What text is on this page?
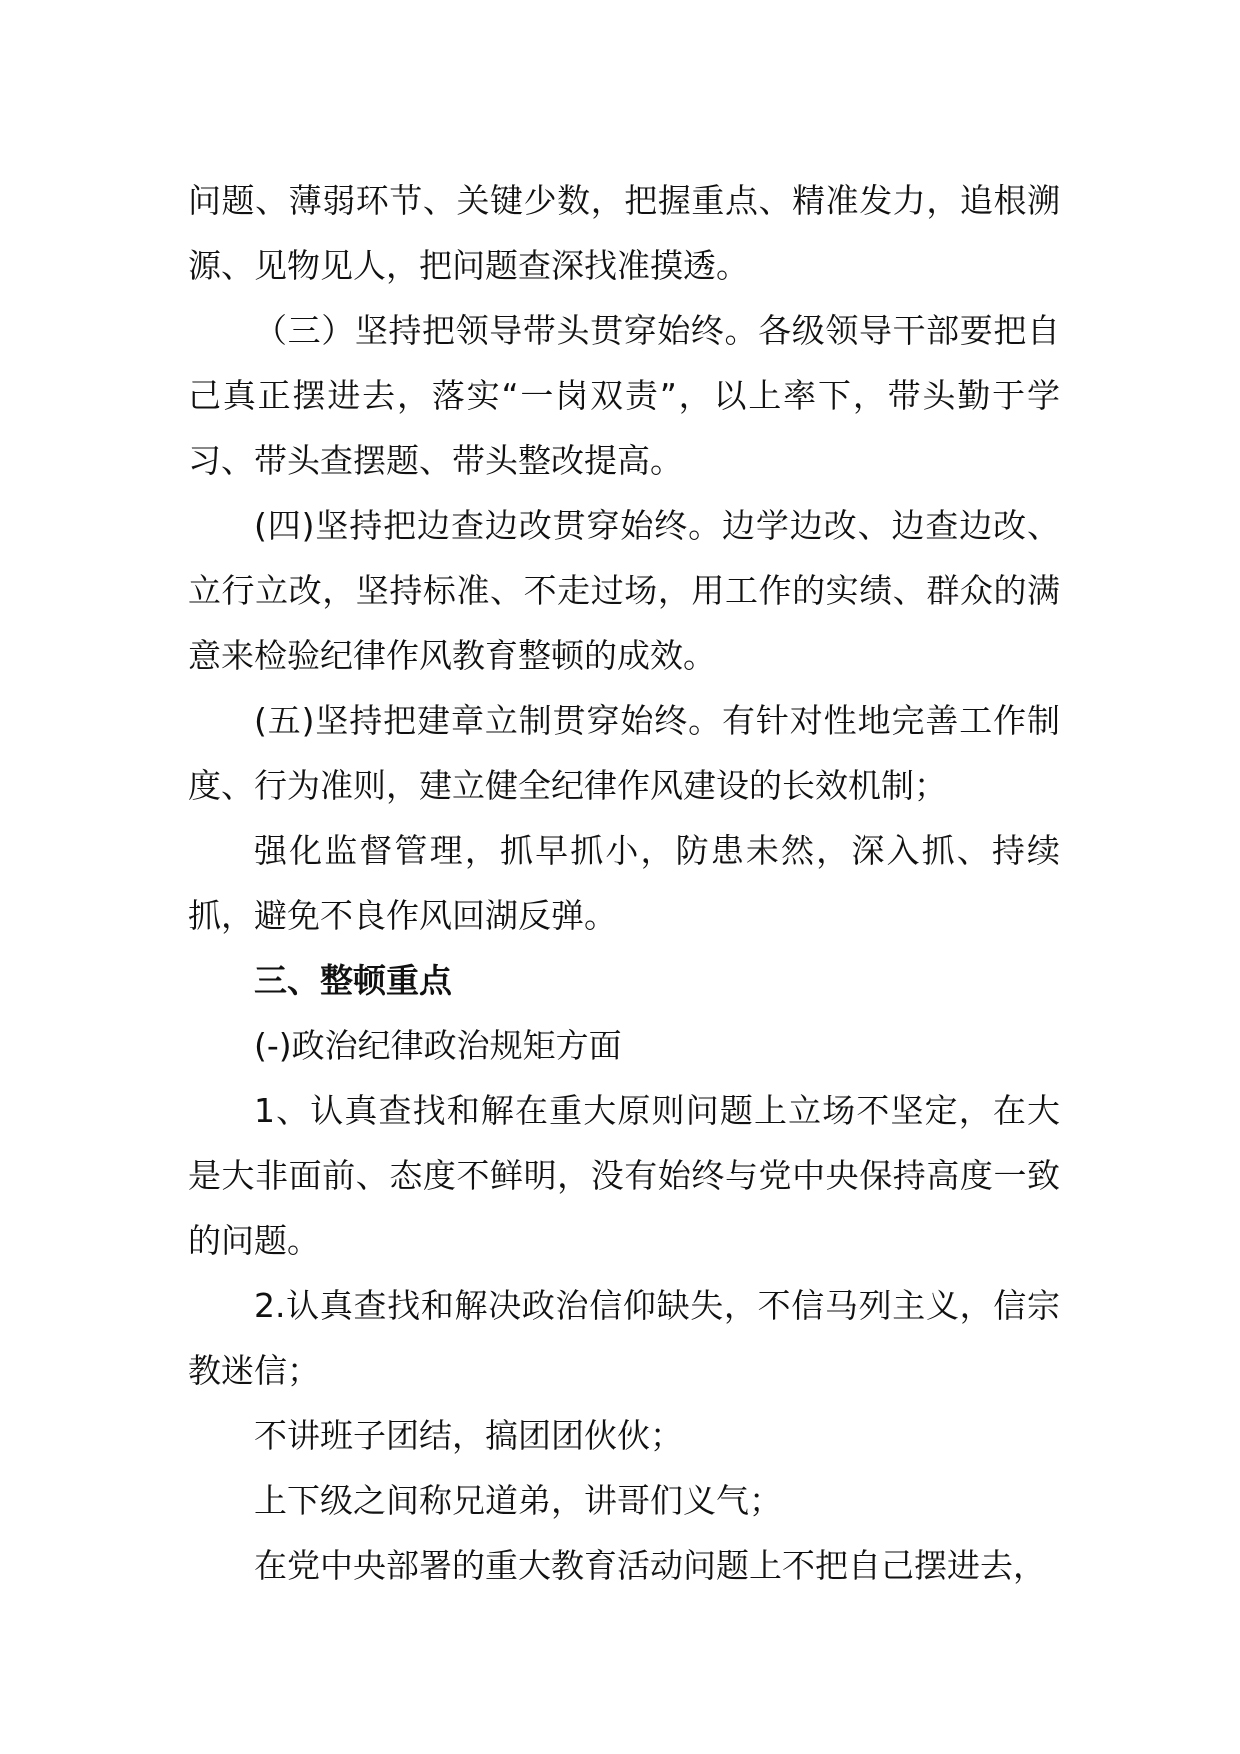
问题、薄弱环节、关键少数，把握重点、精准发力，追根溯源、见物见人，把问题查深找准摸透。

（三）坚持把领导带头贯穿始终。各级领导干部要把自己真正摆进去，落实“一岗双责”，以上率下，带头勤于学习、带头查摆题、带头整改提高。

(四)坚持把边查边改贯穿始终。边学边改、边查边改、立行立改，坚持标准、不走过场，用工作的实绩、群众的满意来检验纪律作风教育整顿的成效。

(五)坚持把建章立制贯穿始终。有针对性地完善工作制度、行为准则，建立健全纪律作风建设的长效机制；

强化监督管理，抓早抓小，防患未然，深入抓、持续抓，避免不良作风回湖反弹。

三、整顿重点

(-)政治纪律政治规矩方面

1、认真查找和解在重大原则问题上立场不坚定，在大是大非面前、态度不鲜明，没有始终与党中央保持高度一致的问题。

2.认真查找和解决政治信仰缺失，不信马列主义，信宗教迷信；

不讲班子团结，搞团团伙伙；

上下级之间称兄道弟，讲哥们义气；

在党中央部署的重大教育活动问题上不把自己摆进去，
